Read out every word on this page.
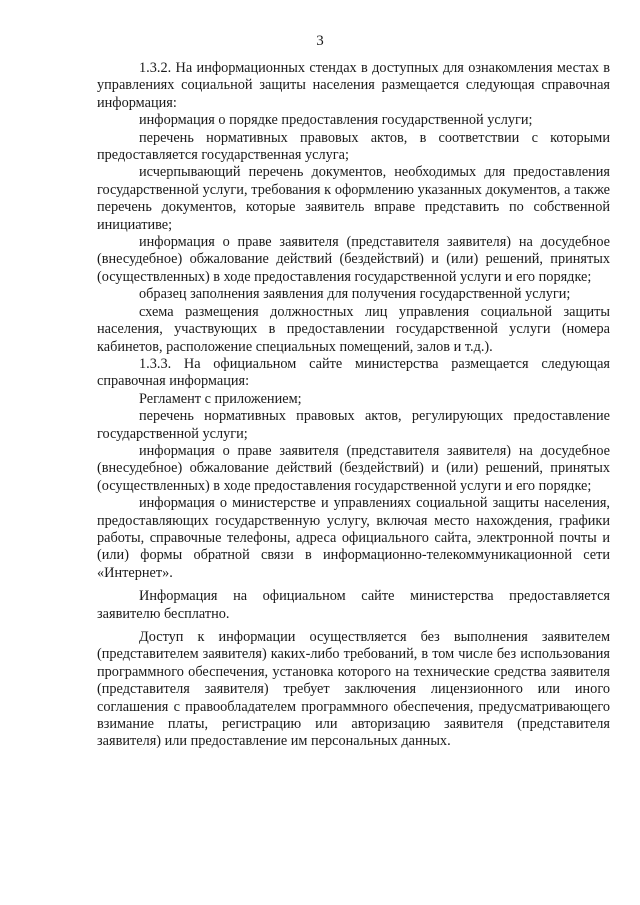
3

1.3.2. На информационных стендах в доступных для ознакомления местах в управлениях социальной защиты населения размещается следующая справочная информация:

информация о порядке предоставления государственной услуги;

перечень нормативных правовых актов, в соответствии с которыми предоставляется государственная услуга;

исчерпывающий перечень документов, необходимых для предоставления государственной услуги, требования к оформлению указанных документов, а также перечень документов, которые заявитель вправе представить по собственной инициативе;

информация о праве заявителя (представителя заявителя) на досудебное (внесудебное) обжалование действий (бездействий) и (или) решений, принятых (осуществленных) в ходе предоставления государственной услуги и его порядке;

образец заполнения заявления для получения государственной услуги;

схема размещения должностных лиц управления социальной защиты населения, участвующих в предоставлении государственной услуги (номера кабинетов, расположение специальных помещений, залов и т.д.).

1.3.3. На официальном сайте министерства размещается следующая справочная информация:

Регламент с приложением;

перечень нормативных правовых актов, регулирующих предоставление государственной услуги;

информация о праве заявителя (представителя заявителя) на досудебное (внесудебное) обжалование действий (бездействий) и (или) решений, принятых (осуществленных) в ходе предоставления государственной услуги и его порядке;

информация о министерстве и управлениях социальной защиты населения, предоставляющих государственную услугу, включая место нахождения, графики работы, справочные телефоны, адреса официального сайта, электронной почты и (или) формы обратной связи в информационно-телекоммуникационной сети «Интернет».

Информация на официальном сайте министерства предоставляется заявителю бесплатно.

Доступ к информации осуществляется без выполнения заявителем (представителем заявителя) каких-либо требований, в том числе без использования программного обеспечения, установка которого на технические средства заявителя (представителя заявителя) требует заключения лицензионного или иного соглашения с правообладателем программного обеспечения, предусматривающего взимание платы, регистрацию или авторизацию заявителя (представителя заявителя) или предоставление им персональных данных.
